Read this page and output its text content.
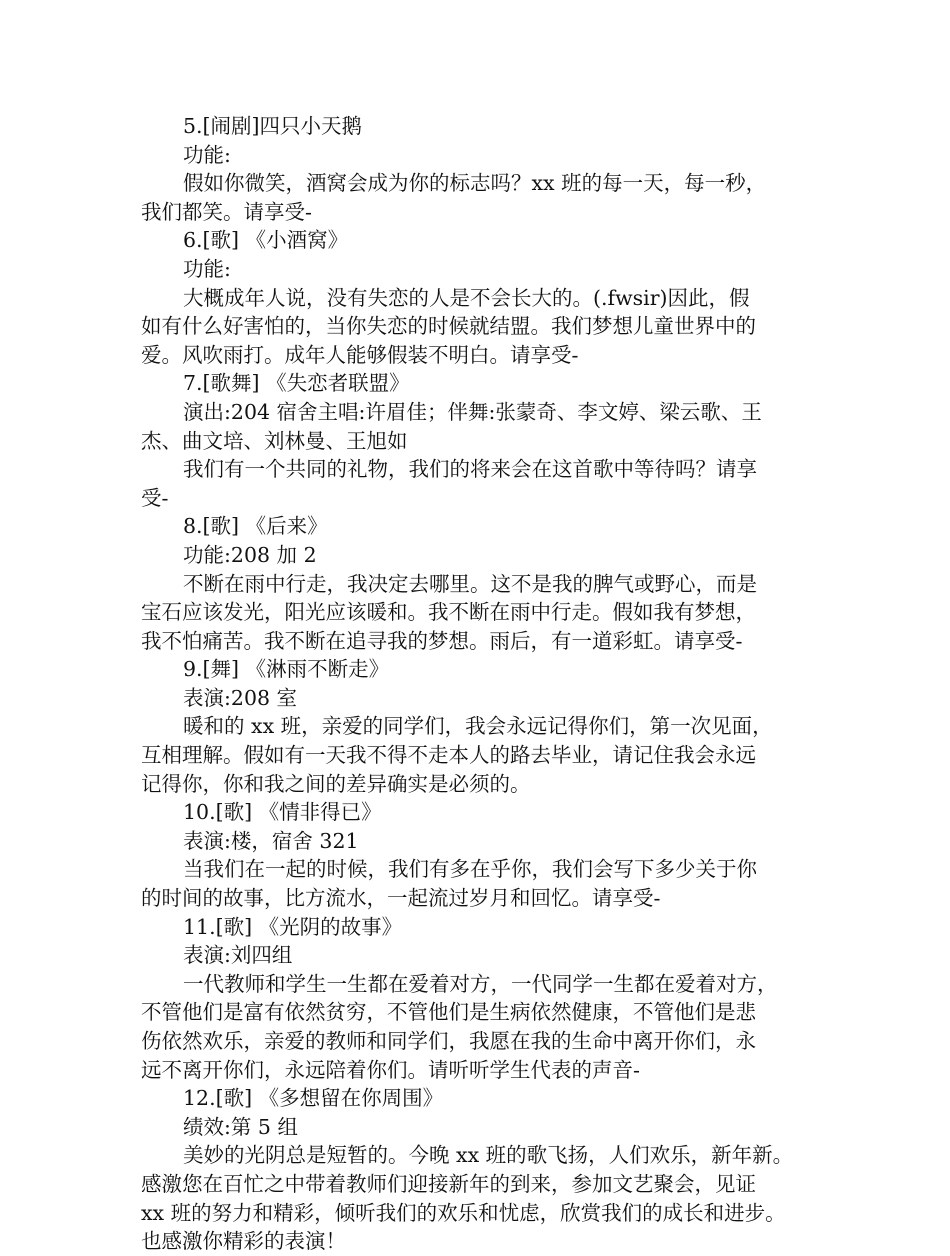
5.[闹剧]四只小天鹅
功能:
假如你微笑，酒窝会成为你的标志吗？xx 班的每一天，每一秒，
我们都笑。请享受-
6.[歌] 《小酒窝》
功能:
大概成年人说，没有失恋的人是不会长大的。(.fwsir)因此，假
如有什么好害怕的，当你失恋的时候就结盟。我们梦想儿童世界中的
爱。风吹雨打。成年人能够假装不明白。请享受-
7.[歌舞] 《失恋者联盟》
演出:204 宿舍主唱:许眉佳；伴舞:张蒙奇、李文婷、梁云歌、王
杰、曲文培、刘林曼、王旭如
我们有一个共同的礼物，我们的将来会在这首歌中等待吗？请享
受-
8.[歌] 《后来》
功能:208 加 2
不断在雨中行走，我决定去哪里。这不是我的脾气或野心，而是
宝石应该发光，阳光应该暖和。我不断在雨中行走。假如我有梦想，
我不怕痛苦。我不断在追寻我的梦想。雨后，有一道彩虹。请享受-
9.[舞] 《淋雨不断走》
表演:208 室
暖和的 xx 班，亲爱的同学们，我会永远记得你们，第一次见面，
互相理解。假如有一天我不得不走本人的路去毕业，请记住我会永远
记得你，你和我之间的差异确实是必须的。
10.[歌] 《情非得已》
表演:楼，宿舍 321
当我们在一起的时候，我们有多在乎你，我们会写下多少关于你
的时间的故事，比方流水，一起流过岁月和回忆。请享受-
11.[歌] 《光阴的故事》
表演:刘四组
一代教师和学生一生都在爱着对方，一代同学一生都在爱着对方，
不管他们是富有依然贫穷，不管他们是生病依然健康，不管他们是悲
伤依然欢乐，亲爱的教师和同学们，我愿在我的生命中离开你们，永
远不离开你们，永远陪着你们。请听听学生代表的声音-
12.[歌] 《多想留在你周围》
绩效:第 5 组
美妙的光阴总是短暂的。今晚 xx 班的歌飞扬，人们欢乐，新年新。
感激您在百忙之中带着教师们迎接新年的到来，参加文艺聚会，见证
xx 班的努力和精彩，倾听我们的欢乐和忧虑，欣赏我们的成长和进步。
也感激你精彩的表演！
